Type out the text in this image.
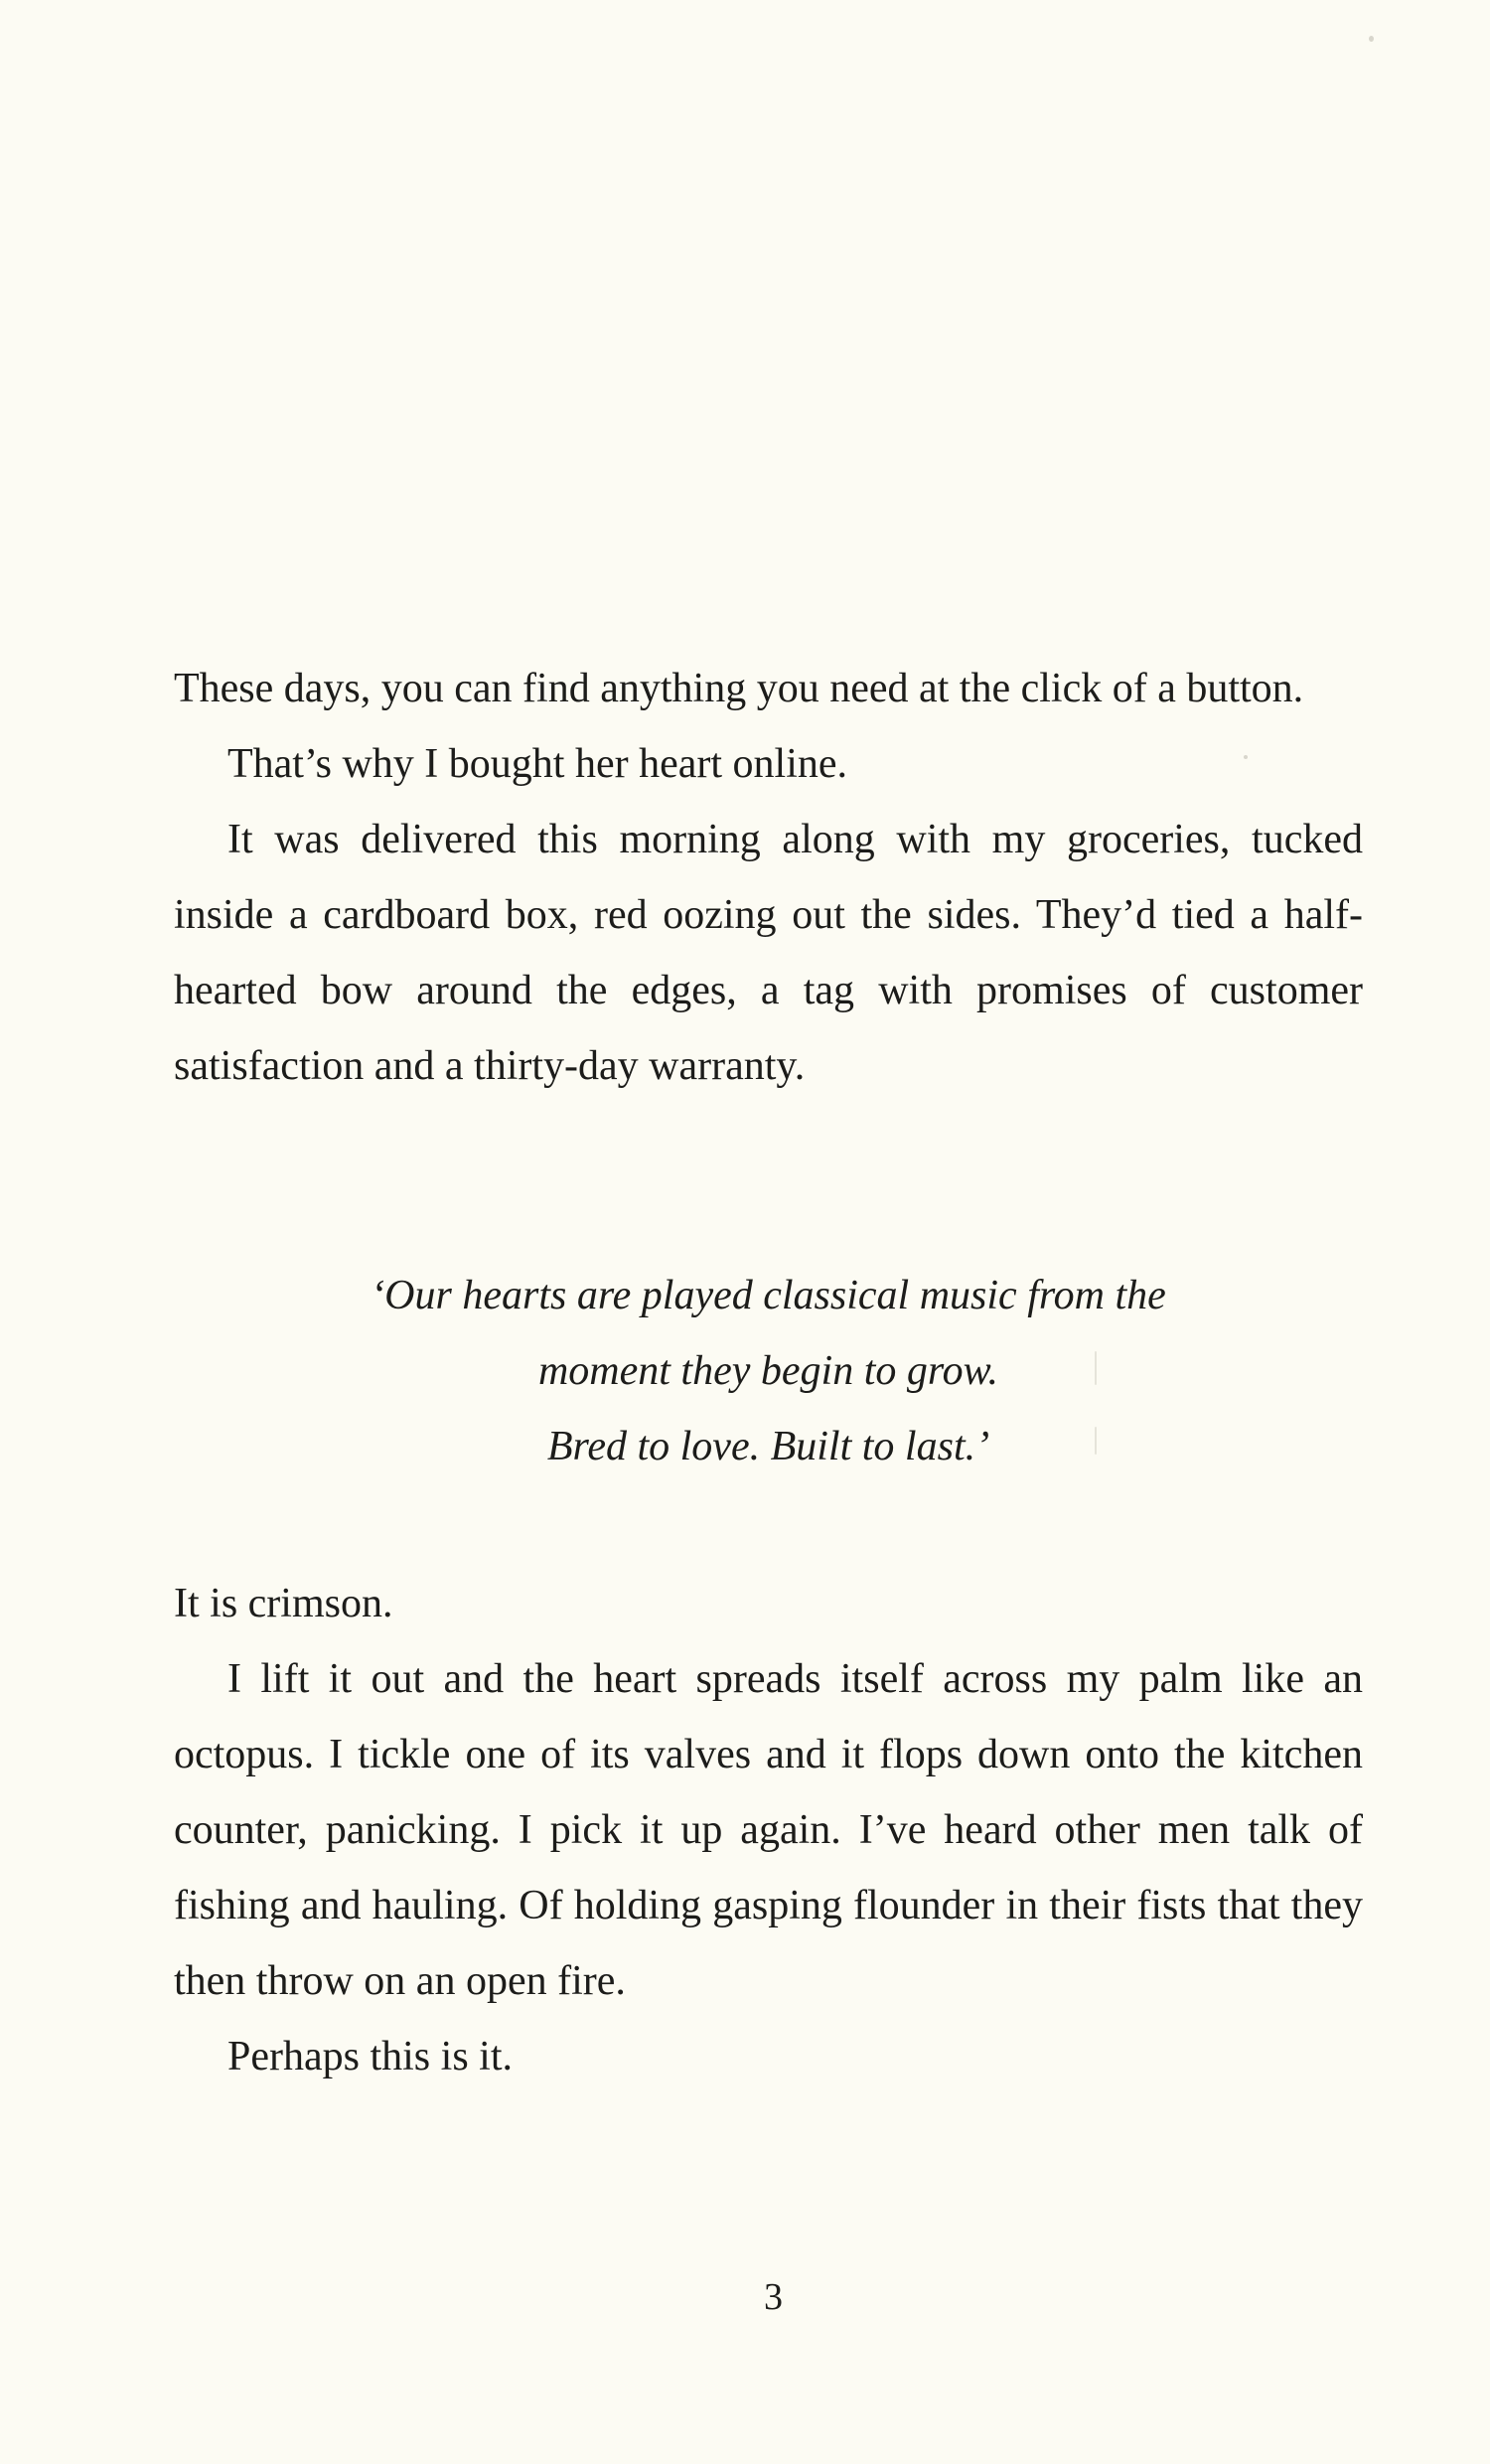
These days, you can find anything you need at the click of a button.

That’s why I bought her heart online.

It was delivered this morning along with my groceries, tucked inside a cardboard box, red oozing out the sides. They’d tied a half-hearted bow around the edges, a tag with promises of customer satisfaction and a thirty-day warranty.

‘Our hearts are played classical music from the
moment they begin to grow.
Bred to love. Built to last.’

It is crimson.

I lift it out and the heart spreads itself across my palm like an octopus. I tickle one of its valves and it flops down onto the kitchen counter, panicking. I pick it up again. I’ve heard other men talk of fishing and hauling. Of holding gasping flounder in their fists that they then throw on an open fire.

Perhaps this is it.

3
